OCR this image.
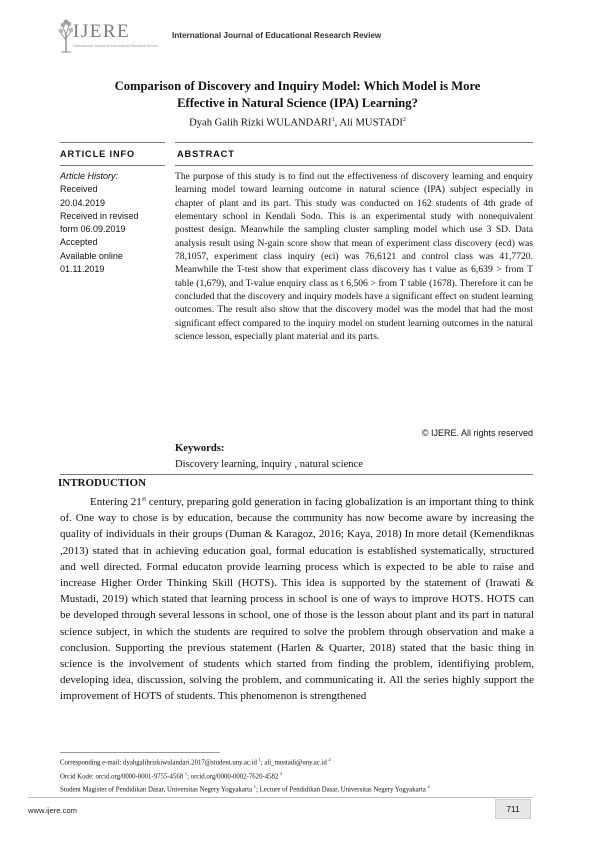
IJERE
International Journal of Educational Research Review
International Journal of Educational Research Review
Comparison of Discovery and Inquiry Model: Which Model is More
Effective in Natural Science (IPA) Learning?
Dyah Galih Rizki WULANDARI$^1$, Ali MUSTADI$^2$
ARTICLE INFO	ABSTRACT
Article History:
Received
20.04.2019
Received in revised
form 06.09.2019
Accepted
Available online
01.11.2019
The purpose of this study is to find out the effectiveness of discovery learning and enquiry learning model toward learning outcome in natural science (IPA) subject especially in chapter of plant and its part. This study was conducted on 162 students of 4th grade of elementary school in Kendali Sodo. This is an experimental study with nonequivalent posttest design. Meanwhile the sampling cluster sampling model which use 3 SD. Data analysis result using N-gain score show that mean of experiment class discovery (ecd) was 78,1057, experiment class inquiry (eci) was 76,6121 and control class was 41,7720. Meanwhile the T-test show that experiment class discovery has t value as 6,639 > from T table (1,679), and T-value enquiry class as t 6,506 > from T table (1678). Therefore it can be concluded that the discovery and inquiry models have a significant effect on student learning outcomes. The result also show that the discovery model was the model that had the most significant effect compared to the inquiry model on student learning outcomes in the natural science lesson, especially plant material and its parts.
© IJERE. All rights reserved
Keywords:
Discovery learning, inquiry , natural science
INTRODUCTION
Entering 21st century, preparing gold generation in facing globalization is an important thing to think of. One way to chose is by education, because the community has now become aware by increasing the quality of individuals in their groups (Duman & Karagoz, 2016; Kaya, 2018) In more detail (Kemendiknas ,2013) stated that in achieving education goal, formal education is established systematically, structured and well directed. Formal educaton provide learning process which is expected to be able to raise and increase Higher Order Thinking Skill (HOTS). This idea is supported by the statement of (Irawati & Mustadi, 2019) which stated that learning process in school is one of ways to improve HOTS. HOTS can be developed through several lessons in school, one of those is the lesson about plant and its part in natural science subject, in which the students are required to solve the problem through observation and make a conclusion. Supporting the previous statement (Harlen & Quarter, 2018) stated that the basic thing in science is the involvement of students which started from finding the problem, identifiying problem, developing idea, discussion, solving the problem, and communicating it. All the series highly support the improvement of HOTS of students. This phenomenon is strengthened
Corresponding e-mail: dyahgalihrizkiwulandari.2017@student.uny.ac.id $^1$; ali_mustadi@uny.ac.id $^2$
Orcid Kode: orcid.org/0000-0001-9755-4568 $^1$; orcid.org/0000-0002-7620-4582 $^2$
Student Magister of Pendidikan Dasar, Universitas Negery Yogyakarta $^1$; Lecture of Pendidikan Dasar, Universitas Negery Yogyakarta $^2$
www.ijere.com	711
